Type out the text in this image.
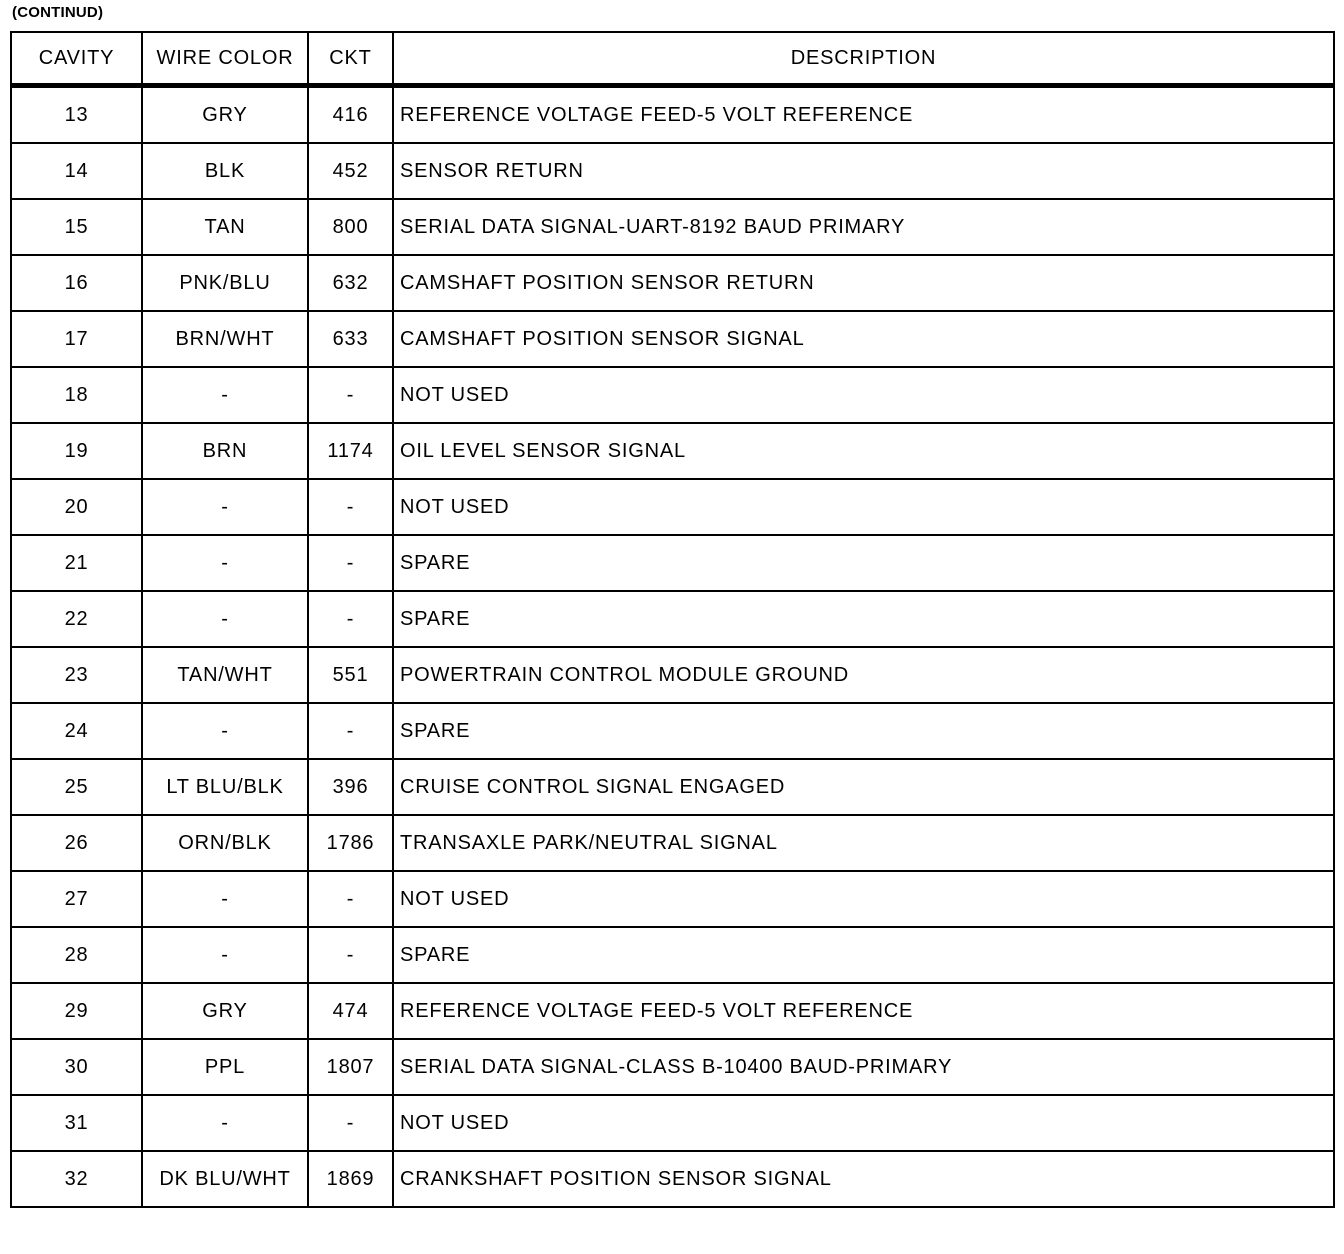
(CONTINUD)
CAVITY	WIRE COLOR	CKT	DESCRIPTION
13	GRY	416	REFERENCE VOLTAGE FEED-5 VOLT REFERENCE
14	BLK	452	SENSOR RETURN
15	TAN	800	SERIAL DATA SIGNAL-UART-8192 BAUD PRIMARY
16	PNK/BLU	632	CAMSHAFT POSITION SENSOR RETURN
17	BRN/WHT	633	CAMSHAFT POSITION SENSOR SIGNAL
18	-	-	NOT USED
19	BRN	1174	OIL LEVEL SENSOR SIGNAL
20	-	-	NOT USED
21	-	-	SPARE
22	-	-	SPARE
23	TAN/WHT	551	POWERTRAIN CONTROL MODULE GROUND
24	-	-	SPARE
25	LT BLU/BLK	396	CRUISE CONTROL SIGNAL ENGAGED
26	ORN/BLK	1786	TRANSAXLE PARK/NEUTRAL SIGNAL
27	-	-	NOT USED
28	-	-	SPARE
29	GRY	474	REFERENCE VOLTAGE FEED-5 VOLT REFERENCE
30	PPL	1807	SERIAL DATA SIGNAL-CLASS B-10400 BAUD-PRIMARY
31	-	-	NOT USED
32	DK BLU/WHT	1869	CRANKSHAFT POSITION SENSOR SIGNAL
